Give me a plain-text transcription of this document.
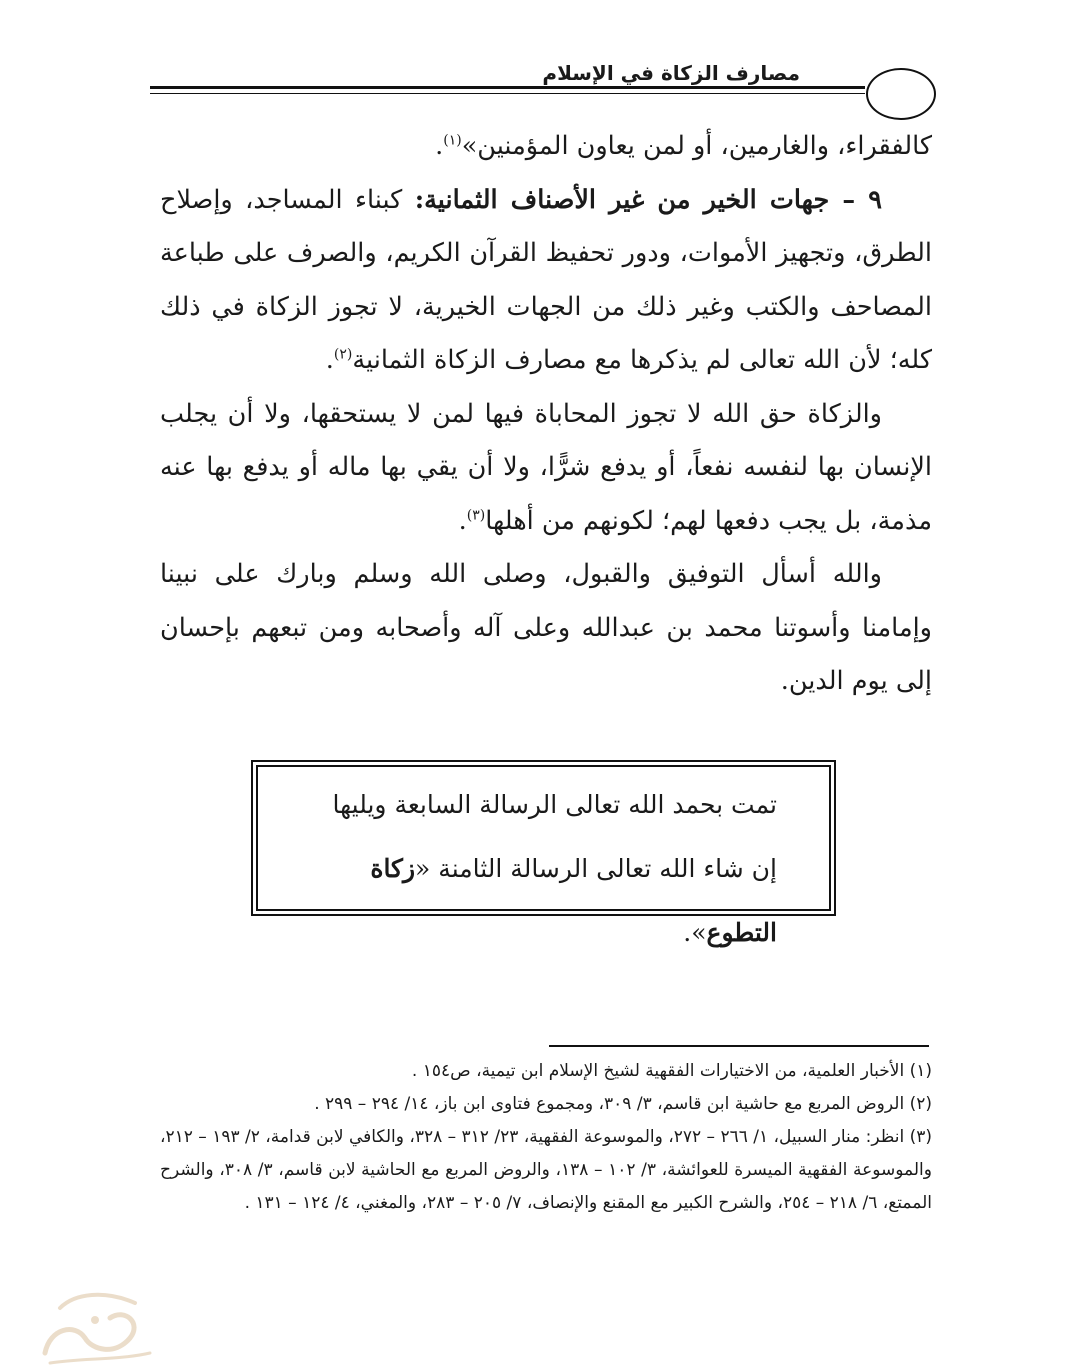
مصارف الزكاة في الإسلام

كالفقراء، والغارمين، أو لمن يعاون المؤمنين»$^{(١)}$.

٩ – جهات الخير من غير الأصناف الثمانية: كبناء المساجد، وإصلاح الطرق، وتجهيز الأموات، ودور تحفيظ القرآن الكريم، والصرف على طباعة المصاحف والكتب وغير ذلك من الجهات الخيرية، لا تجوز الزكاة في ذلك كله؛ لأن الله تعالى لم يذكرها مع مصارف الزكاة الثمانية$^{(٢)}$.

والزكاة حق الله لا تجوز المحاباة فيها لمن لا يستحقها، ولا أن يجلب الإنسان بها لنفسه نفعاً، أو يدفع شرًّا، ولا أن يقي بها ماله أو يدفع بها عنه مذمة، بل يجب دفعها لهم؛ لكونهم من أهلها$^{(٣)}$.

والله أسأل التوفيق والقبول، وصلى الله وسلم وبارك على نبينا وإمامنا وأسوتنا محمد بن عبدالله وعلى آله وأصحابه ومن تبعهم بإحسان إلى يوم الدين.

تمت بحمد الله تعالى الرسالة السابعة ويليها
إن شاء الله تعالى الرسالة الثامنة «زكاة التطوع».

(١) الأخبار العلمية، من الاختيارات الفقهية لشيخ الإسلام ابن تيمية، ص١٥٤ .

(٢) الروض المربع مع حاشية ابن قاسم، ٣/ ٣٠٩، ومجموع فتاوى ابن باز، ١٤/ ٢٩٤ – ٢٩٩ .

(٣) انظر: منار السبيل، ١/ ٢٦٦ – ٢٧٢، والموسوعة الفقهية، ٢٣/ ٣١٢ – ٣٢٨، والكافي لابن قدامة، ٢/ ١٩٣ – ٢١٢، والموسوعة الفقهية الميسرة للعوائشة، ٣/ ١٠٢ – ١٣٨، والروض المربع مع الحاشية لابن قاسم، ٣/ ٣٠٨، والشرح الممتع، ٦/ ٢١٨ – ٢٥٤، والشرح الكبير مع المقنع والإنصاف، ٧/ ٢٠٥ – ٢٨٣، والمغني، ٤/ ١٢٤ – ١٣١ .
